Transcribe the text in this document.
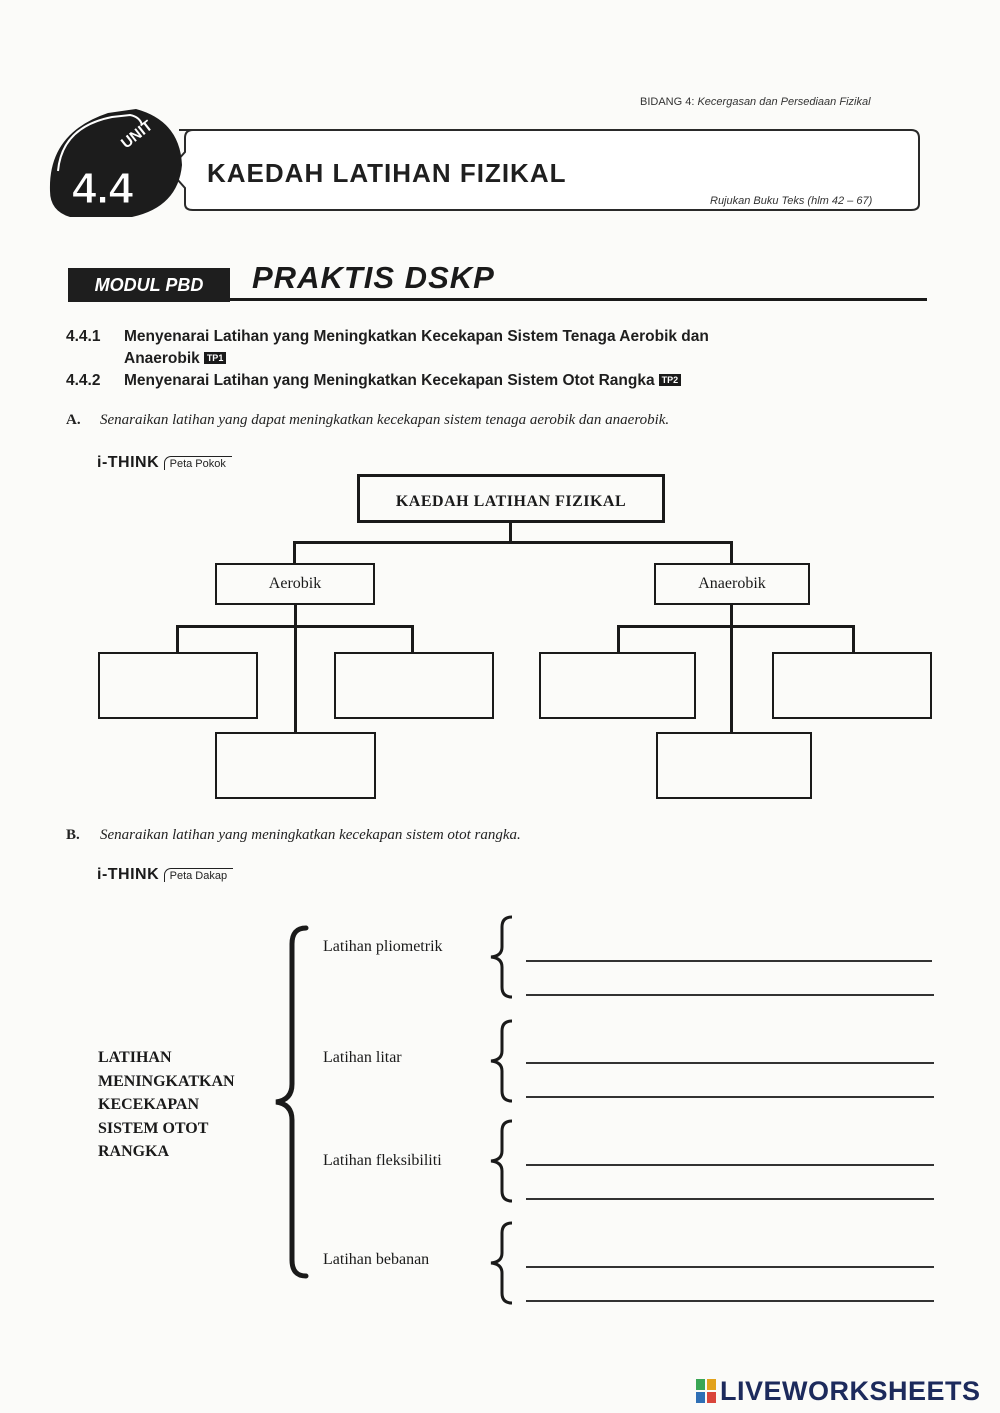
BIDANG 4: Kecergasan dan Persediaan Fizikal
KAEDAH LATIHAN FIZIKAL
Rujukan Buku Teks (hlm 42 – 67)
UNIT
4.4
MODUL PBD	PRAKTIS DSKP
4.4.1 Menyenarai Latihan yang Meningkatkan Kecekapan Sistem Tenaga Aerobik dan
Anaerobik TP1
4.4.2 Menyenarai Latihan yang Meningkatkan Kecekapan Sistem Otot Rangka TP2
A. Senaraikan latihan yang dapat meningkatkan kecekapan sistem tenaga aerobik dan anaerobik.
i-THINK Peta Pokok
KAEDAH LATIHAN FIZIKAL
Aerobik	Anaerobik
B. Senaraikan latihan yang meningkatkan kecekapan sistem otot rangka.
i-THINK Peta Dakap
LATIHAN
MENINGKATKAN
KECEKAPAN
SISTEM OTOT
RANGKA
Latihan pliometrik
Latihan litar
Latihan fleksibiliti
Latihan bebanan
LIVEWORKSHEETS
